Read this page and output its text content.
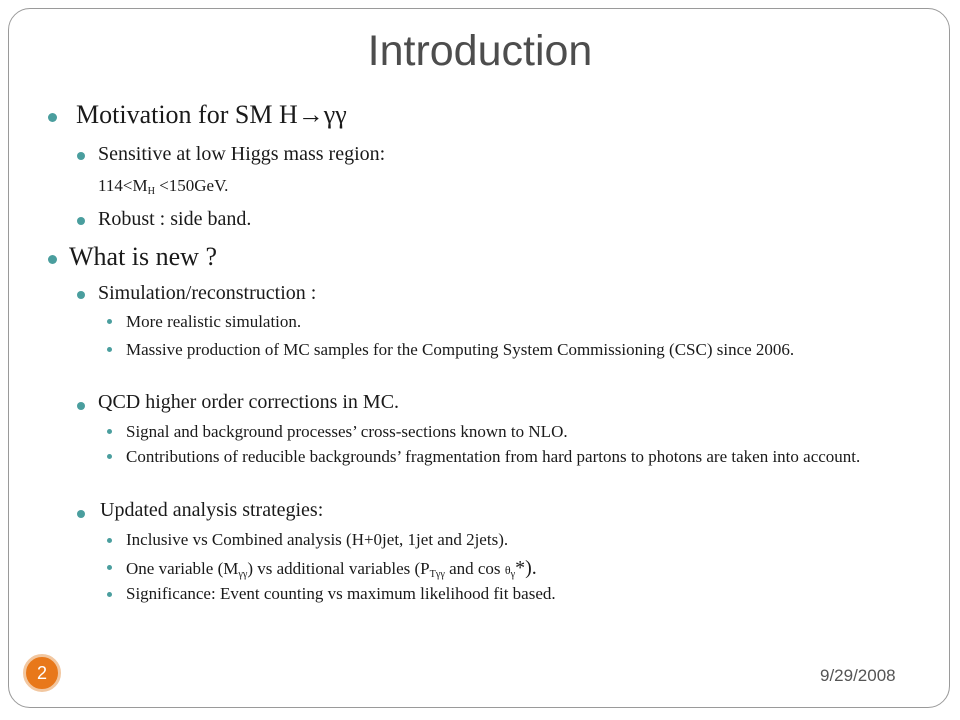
Introduction
Motivation for SM H→γγ
Sensitive at low Higgs mass region:
$114<M_H <150GeV$.
Robust : side band.
What is new ?
Simulation/reconstruction :
More realistic simulation.
Massive production of MC samples for the Computing System Commissioning (CSC) since 2006.
QCD higher order corrections in MC.
Signal and background processes’ cross-sections known to NLO.
Contributions of reducible backgrounds’ fragmentation from hard partons to photons are taken into account.
Updated analysis strategies:
Inclusive vs Combined analysis (H+0jet, 1jet and 2jets).
One variable $(M_{\gamma\gamma})$ vs additional variables ($P_{T\gamma\gamma}$ and $\cos \theta_\gamma*$).
Significance: Event counting vs maximum likelihood fit based.
2	9/29/2008
